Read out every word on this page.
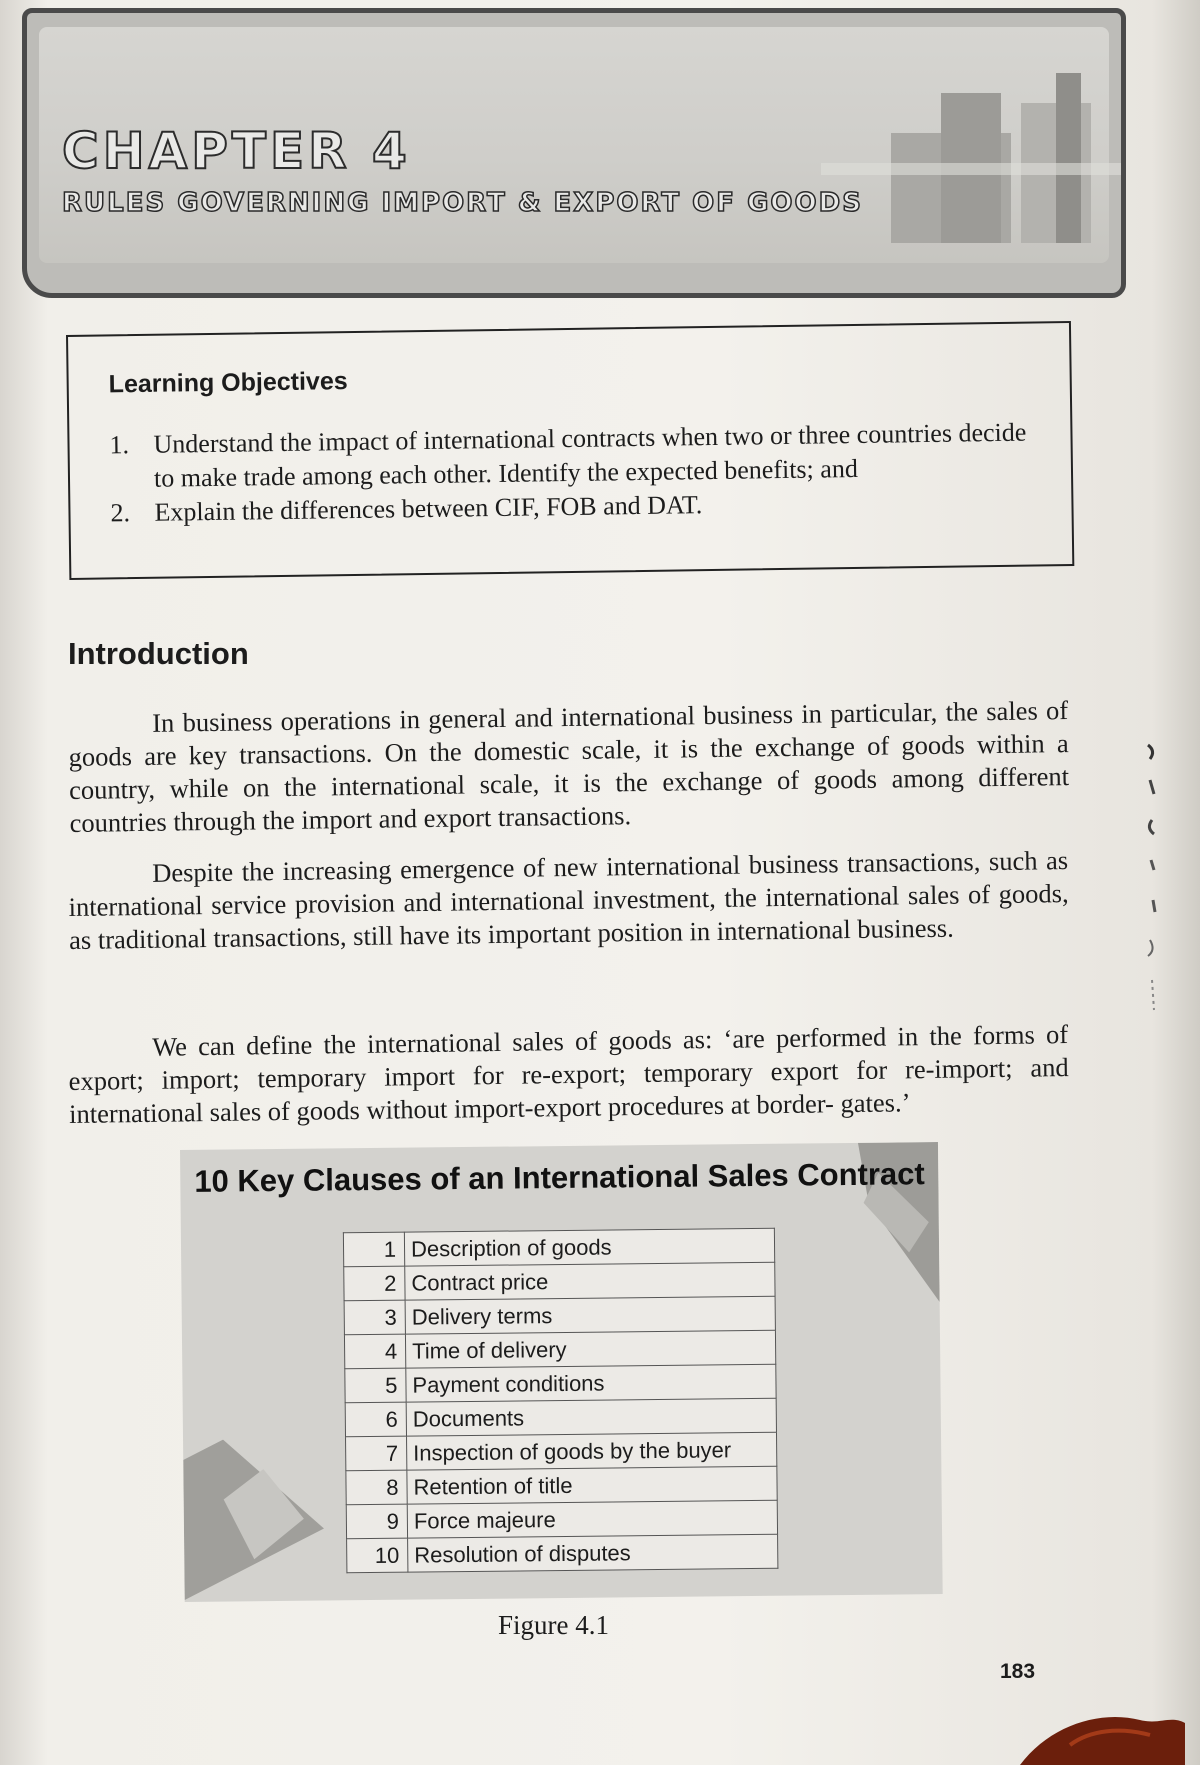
CHAPTER 4
RULES GOVERNING IMPORT & EXPORT OF GOODS
Learning Objectives
1. Understand the impact of international contracts when two or three countries decide to make trade among each other. Identify the expected benefits; and
2. Explain the differences between CIF, FOB and DAT.
Introduction

In business operations in general and international business in particular, the sales of goods are key transactions. On the domestic scale, it is the exchange of goods within a country, while on the international scale, it is the exchange of goods among different countries through the import and export transactions.

Despite the increasing emergence of new international business transactions, such as international service provision and international investment, the international sales of goods, as traditional transactions, still have its important position in international business.

We can define the international sales of goods as: ‘are performed in the forms of export; import; temporary import for re-export; temporary export for re-import; and international sales of goods without import-export procedures at border- gates.’

10 Key Clauses of an International Sales Contract
1	Description of goods
2	Contract price
3	Delivery terms
4	Time of delivery
5	Payment conditions
6	Documents
7	Inspection of goods by the buyer
8	Retention of title
9	Force majeure
10	Resolution of disputes

Figure 4.1

183
